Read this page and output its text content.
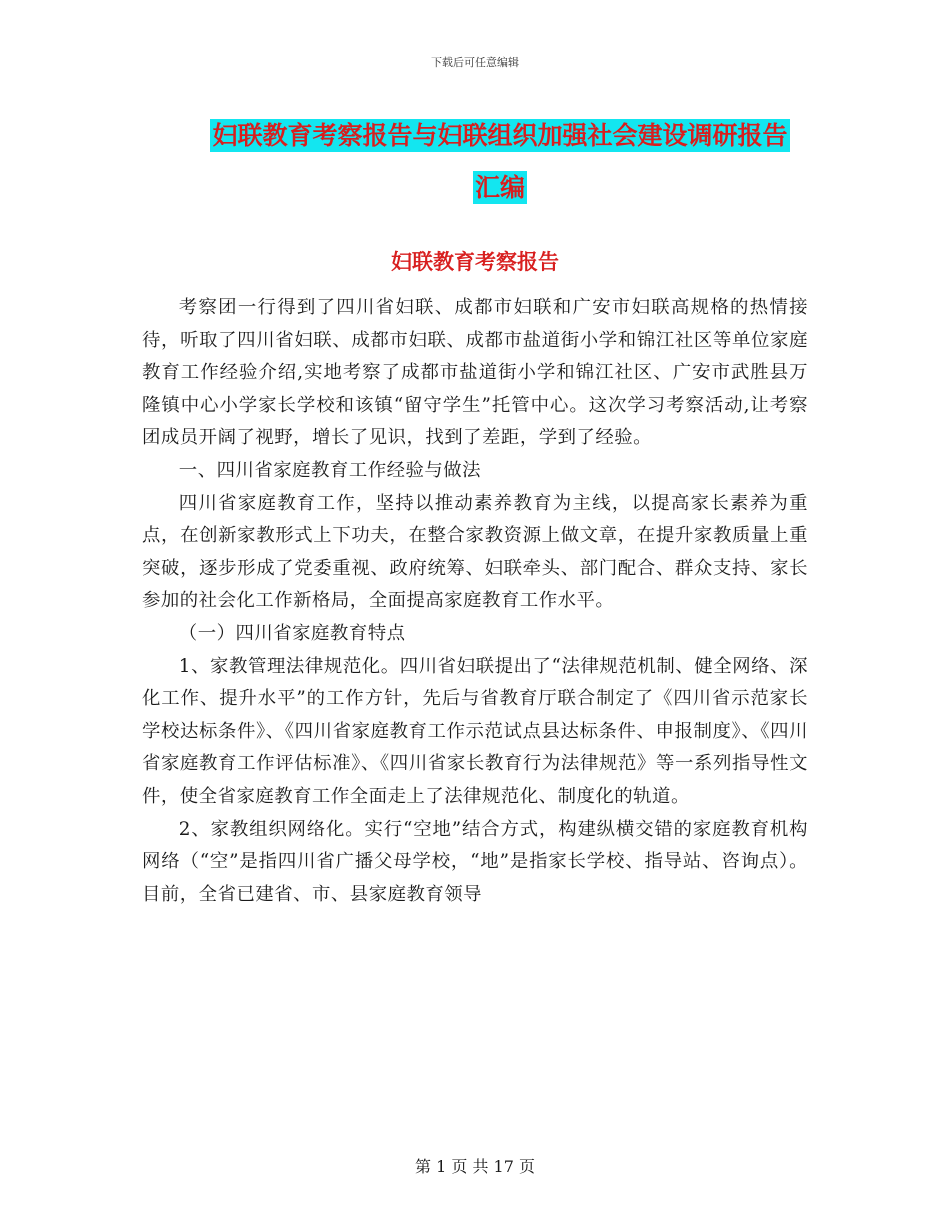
下载后可任意编辑
妇联教育考察报告与妇联组织加强社会建设调研报告
汇编
妇联教育考察报告

考察团一行得到了四川省妇联、成都市妇联和广安市妇联高规格的热情接待，听取了四川省妇联、成都市妇联、成都市盐道街小学和锦江社区等单位家庭教育工作经验介绍,实地考察了成都市盐道街小学和锦江社区、广安市武胜县万隆镇中心小学家长学校和该镇“留守学生”托管中心。这次学习考察活动,让考察团成员开阔了视野，增长了见识，找到了差距，学到了经验。

一、四川省家庭教育工作经验与做法

四川省家庭教育工作，坚持以推动素养教育为主线，以提高家长素养为重点，在创新家教形式上下功夫，在整合家教资源上做文章，在提升家教质量上重突破，逐步形成了党委重视、政府统筹、妇联牵头、部门配合、群众支持、家长参加的社会化工作新格局，全面提高家庭教育工作水平。

（一）四川省家庭教育特点

1、家教管理法律规范化。四川省妇联提出了“法律规范机制、健全网络、深化工作、提升水平”的工作方针，先后与省教育厅联合制定了《四川省示范家长学校达标条件》、《四川省家庭教育工作示范试点县达标条件、申报制度》、《四川省家庭教育工作评估标准》、《四川省家长教育行为法律规范》等一系列指导性文件，使全省家庭教育工作全面走上了法律规范化、制度化的轨道。

2、家教组织网络化。实行“空地”结合方式，构建纵横交错的家庭教育机构网络（“空”是指四川省广播父母学校，“地”是指家长学校、指导站、咨询点）。目前，全省已建省、市、县家庭教育领导

第 1 页 共 17 页
